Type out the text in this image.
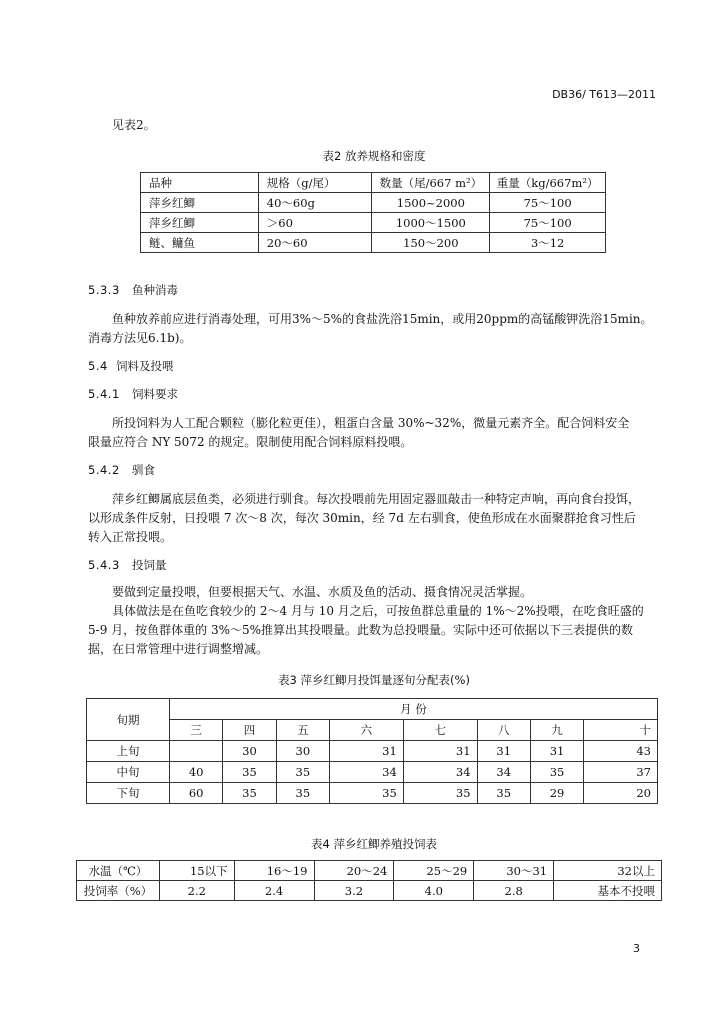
DB36/ T613—2011
见表2。
表2 放养规格和密度
品种	规格（g/尾）	数量（尾/667 m²）	重量（kg/667m²）
萍乡红鲫	40～60g	1500~2000	75～100
萍乡红鲫	＞60	1000～1500	75～100
鲢、鳙鱼	20～60	150～200	3～12
5.3.3 鱼种消毒
鱼种放养前应进行消毒处理，可用3%～5%的食盐洗浴15min，或用20ppm的高锰酸钾洗浴15min。
消毒方法见6.1b)。
5.4 饲料及投喂
5.4.1 饲料要求
所投饲料为人工配合颗粒（膨化粒更佳），粗蛋白含量 30%~32%，微量元素齐全。配合饲料安全
限量应符合 NY 5072 的规定。限制使用配合饲料原料投喂。
5.4.2 驯食
萍乡红鲫属底层鱼类，必须进行驯食。每次投喂前先用固定器皿敲击一种特定声响，再向食台投饵，
以形成条件反射，日投喂 7 次～8 次，每次 30min，经 7d 左右驯食，使鱼形成在水面聚群抢食习性后
转入正常投喂。
5.4.3 投饲量
要做到定量投喂，但要根据天气、水温、水质及鱼的活动、摄食情况灵活掌握。
具体做法是在鱼吃食较少的 2～4 月与 10 月之后，可按鱼群总重量的 1%～2%投喂，在吃食旺盛的
5-9 月，按鱼群体重的 3%～5%推算出其投喂量。此数为总投喂量。实际中还可依据以下三表提供的数
据，在日常管理中进行调整增减。
表3 萍乡红鲫月投饵量逐旬分配表(%)
旬期	月 份							
	三	四	五	六	七	八	九	十
上旬		30	30	31	31	31	31	43
中旬	40	35	35	34	34	34	35	37
下旬	60	35	35	35	35	35	29	20
表4 萍乡红鲫养殖投饲表
水温（℃）	15以下	16～19	20～24	25～29	30～31	32以上
投饲率（%）	2.2	2.4	3.2	4.0	2.8	基本不投喂
3
